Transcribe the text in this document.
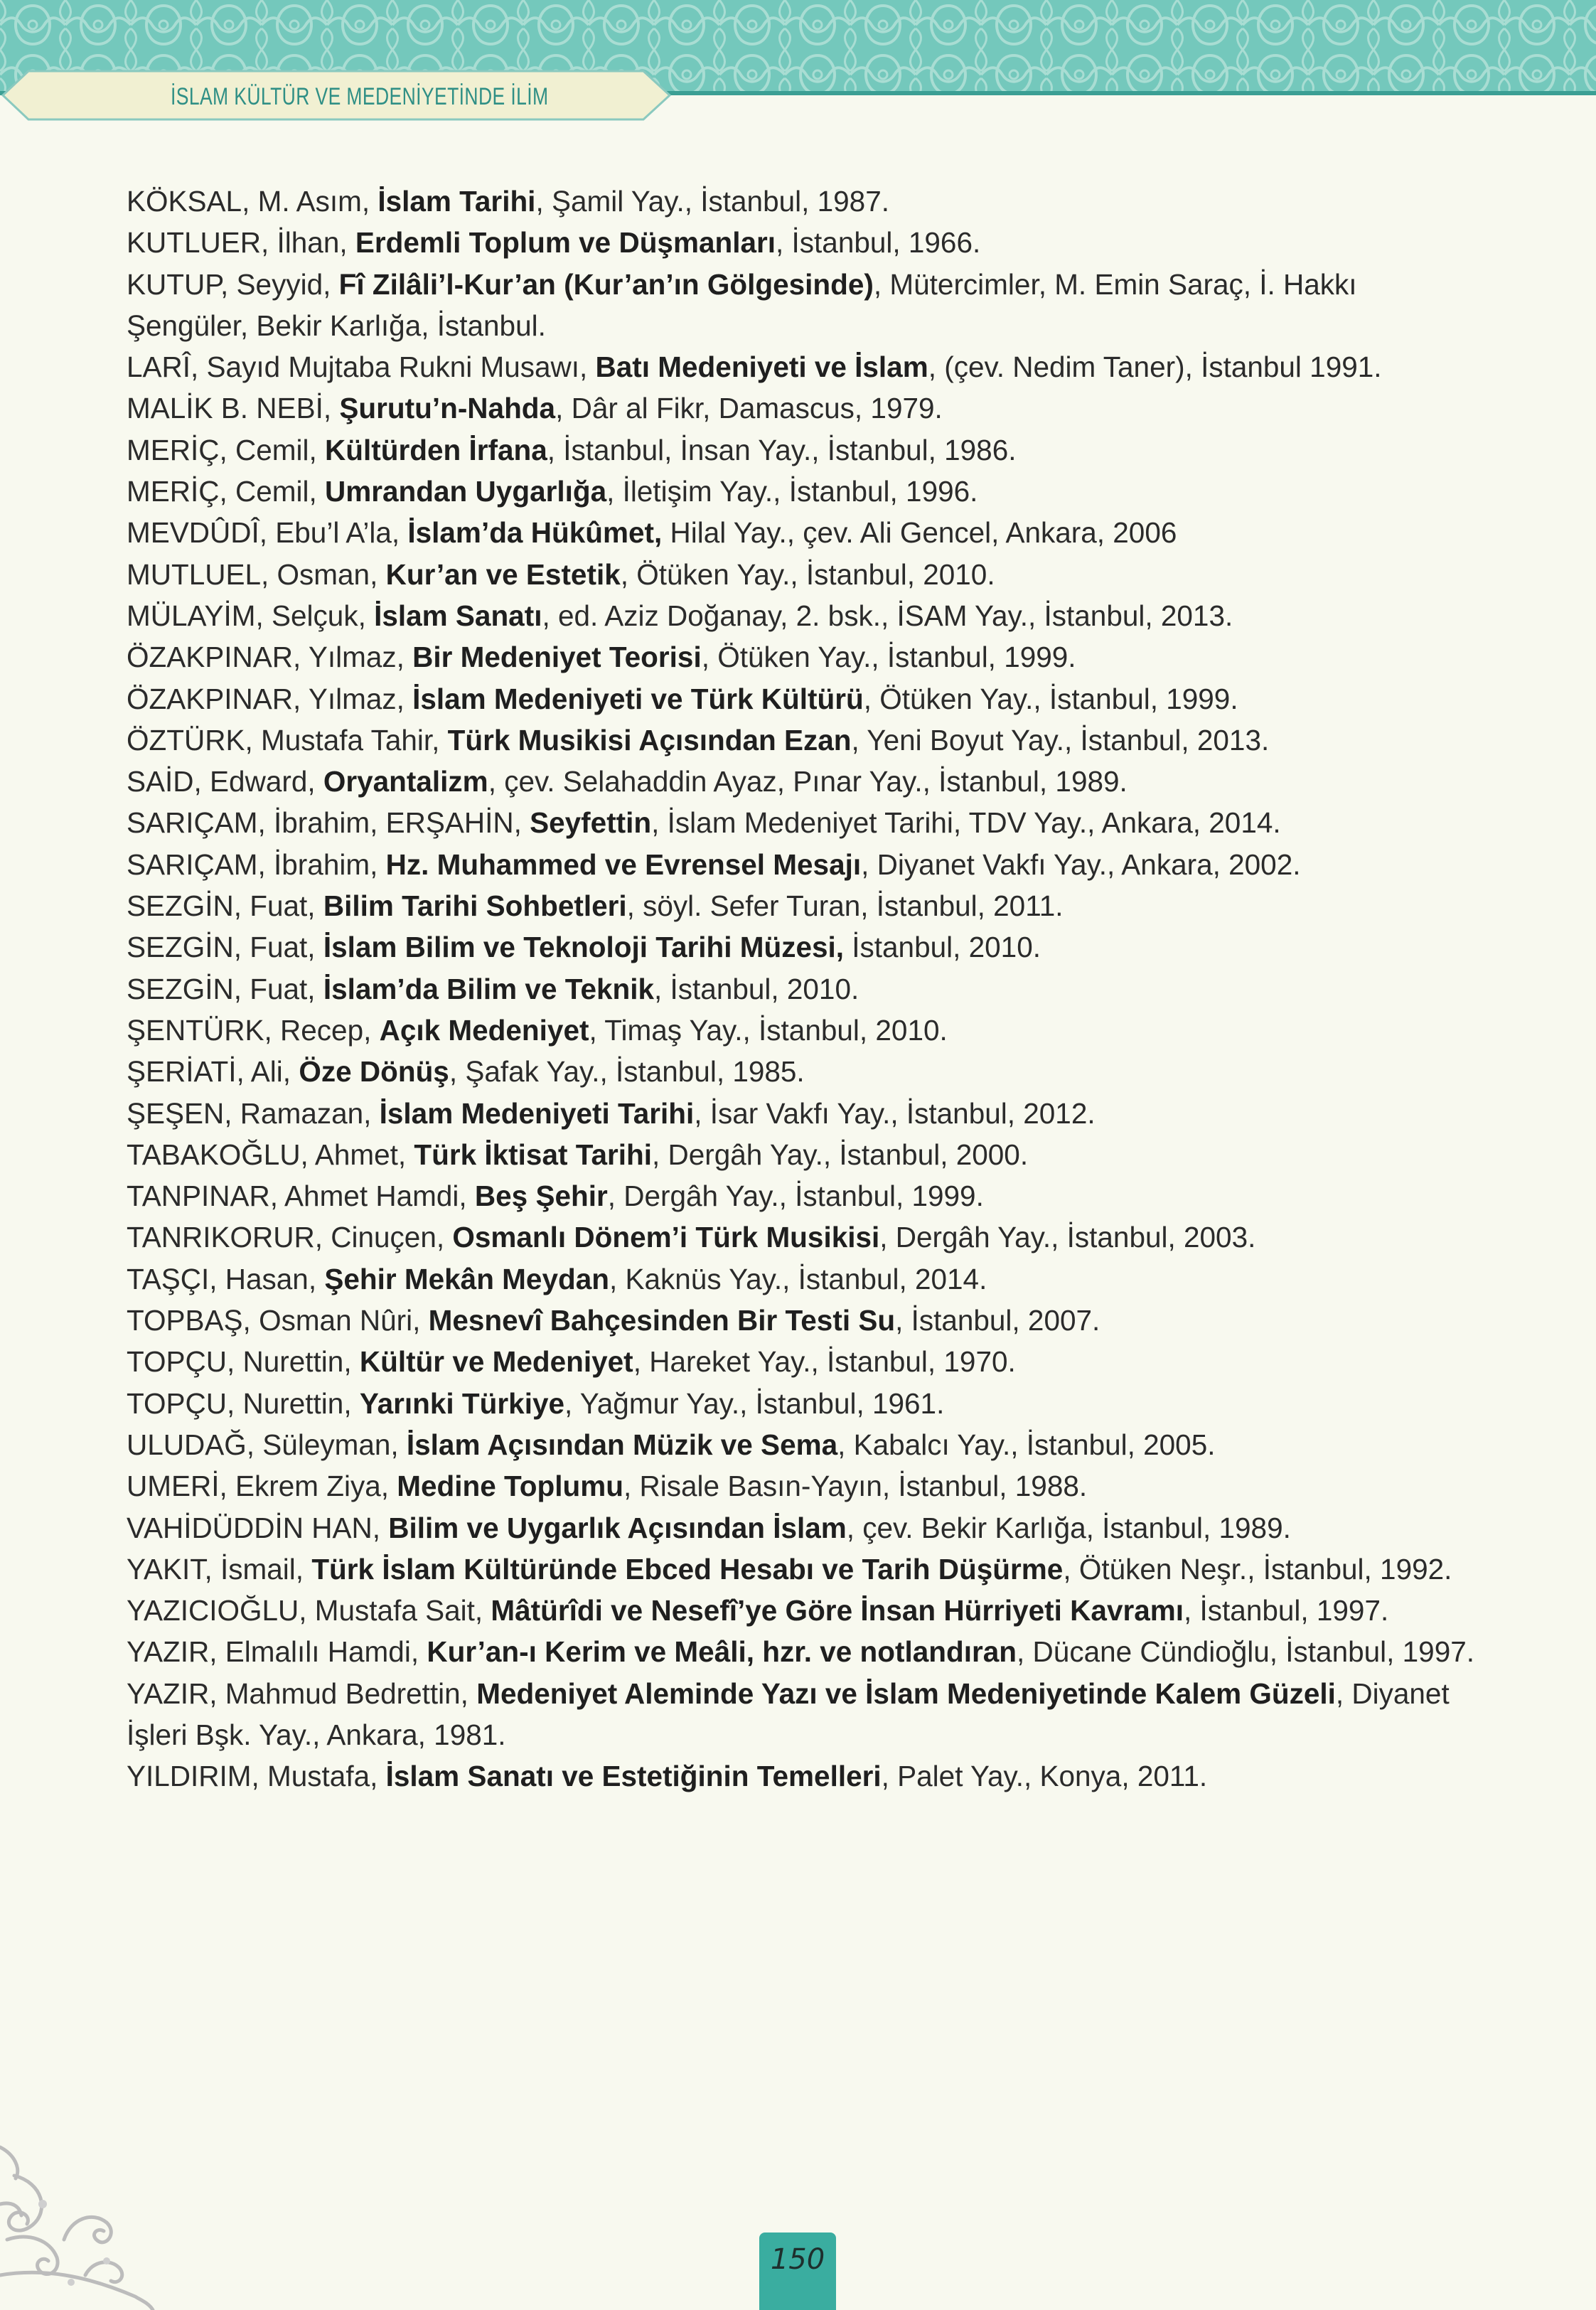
İSLAM KÜLTÜR VE MEDENİYETİNDE İLİM
KÖKSAL, M. Asım, İslam Tarihi, Şamil Yay., İstanbul, 1987.
KUTLUER, İlhan, Erdemli Toplum ve Düşmanları, İstanbul, 1966.
KUTUP, Seyyid, Fî Zilâli’l-Kur’an (Kur’an’ın Gölgesinde), Mütercimler, M. Emin Saraç, İ. Hakkı Şengüler, Bekir Karlığa, İstanbul.
LARÎ, Sayıd Mujtaba Rukni Musawı, Batı Medeniyeti ve İslam, (çev. Nedim Taner), İstanbul 1991.
MALİK B. NEBİ, Şurutu’n-Nahda, Dâr al Fikr, Damascus, 1979.
MERİÇ, Cemil, Kültürden İrfana, İstanbul, İnsan Yay., İstanbul, 1986.
MERİÇ, Cemil, Umrandan Uygarlığa, İletişim Yay., İstanbul, 1996.
MEVDÛDÎ, Ebu’l A’la, İslam’da Hükûmet, Hilal Yay., çev. Ali Gencel, Ankara, 2006
MUTLUEL, Osman, Kur’an ve Estetik, Ötüken Yay., İstanbul, 2010.
MÜLAYİM, Selçuk, İslam Sanatı, ed. Aziz Doğanay, 2. bsk., İSAM Yay., İstanbul, 2013.
ÖZAKPINAR, Yılmaz, Bir Medeniyet Teorisi, Ötüken Yay., İstanbul, 1999.
ÖZAKPINAR, Yılmaz, İslam Medeniyeti ve Türk Kültürü, Ötüken Yay., İstanbul, 1999.
ÖZTÜRK, Mustafa Tahir, Türk Musikisi Açısından Ezan, Yeni Boyut Yay., İstanbul, 2013.
SAİD, Edward, Oryantalizm, çev. Selahaddin Ayaz, Pınar Yay., İstanbul, 1989.
SARIÇAM, İbrahim, ERŞAHİN, Seyfettin, İslam Medeniyet Tarihi, TDV Yay., Ankara, 2014.
SARIÇAM, İbrahim, Hz. Muhammed ve Evrensel Mesajı, Diyanet Vakfı Yay., Ankara, 2002.
SEZGİN, Fuat, Bilim Tarihi Sohbetleri, söyl. Sefer Turan, İstanbul, 2011.
SEZGİN, Fuat, İslam Bilim ve Teknoloji Tarihi Müzesi, İstanbul, 2010.
SEZGİN, Fuat, İslam’da Bilim ve Teknik, İstanbul, 2010.
ŞENTÜRK, Recep, Açık Medeniyet, Timaş Yay., İstanbul, 2010.
ŞERİATİ, Ali, Öze Dönüş, Şafak Yay., İstanbul, 1985.
ŞEŞEN, Ramazan, İslam Medeniyeti Tarihi, İsar Vakfı Yay., İstanbul, 2012.
TABAKOĞLU, Ahmet, Türk İktisat Tarihi, Dergâh Yay., İstanbul, 2000.
TANPINAR, Ahmet Hamdi, Beş Şehir, Dergâh Yay., İstanbul, 1999.
TANRIKORUR, Cinuçen, Osmanlı Dönem’i Türk Musikisi, Dergâh Yay., İstanbul, 2003.
TAŞÇI, Hasan, Şehir Mekân Meydan, Kaknüs Yay., İstanbul, 2014.
TOPBAŞ, Osman Nûri, Mesnevî Bahçesinden Bir Testi Su, İstanbul, 2007.
TOPÇU, Nurettin, Kültür ve Medeniyet, Hareket Yay., İstanbul, 1970.
TOPÇU, Nurettin, Yarınki Türkiye, Yağmur Yay., İstanbul, 1961.
ULUDAĞ, Süleyman, İslam Açısından Müzik ve Sema, Kabalcı Yay., İstanbul, 2005.
UMERİ, Ekrem Ziya, Medine Toplumu, Risale Basın-Yayın, İstanbul, 1988.
VAHİDÜDDİN HAN, Bilim ve Uygarlık Açısından İslam, çev. Bekir Karlığa, İstanbul, 1989.
YAKIT, İsmail, Türk İslam Kültüründe Ebced Hesabı ve Tarih Düşürme, Ötüken Neşr., İstanbul, 1992.
YAZICIOĞLU, Mustafa Sait, Mâtürîdi ve Nesefî’ye Göre İnsan Hürriyeti Kavramı, İstanbul, 1997.
YAZIR, Elmalılı Hamdi, Kur’an-ı Kerim ve Meâli, hzr. ve notlandıran, Dücane Cündioğlu, İstanbul, 1997.
YAZIR, Mahmud Bedrettin, Medeniyet Aleminde Yazı ve İslam Medeniyetinde Kalem Güzeli, Diyanet İşleri Bşk. Yay., Ankara, 1981.
YILDIRIM, Mustafa, İslam Sanatı ve Estetiğinin Temelleri, Palet Yay., Konya, 2011.
150
